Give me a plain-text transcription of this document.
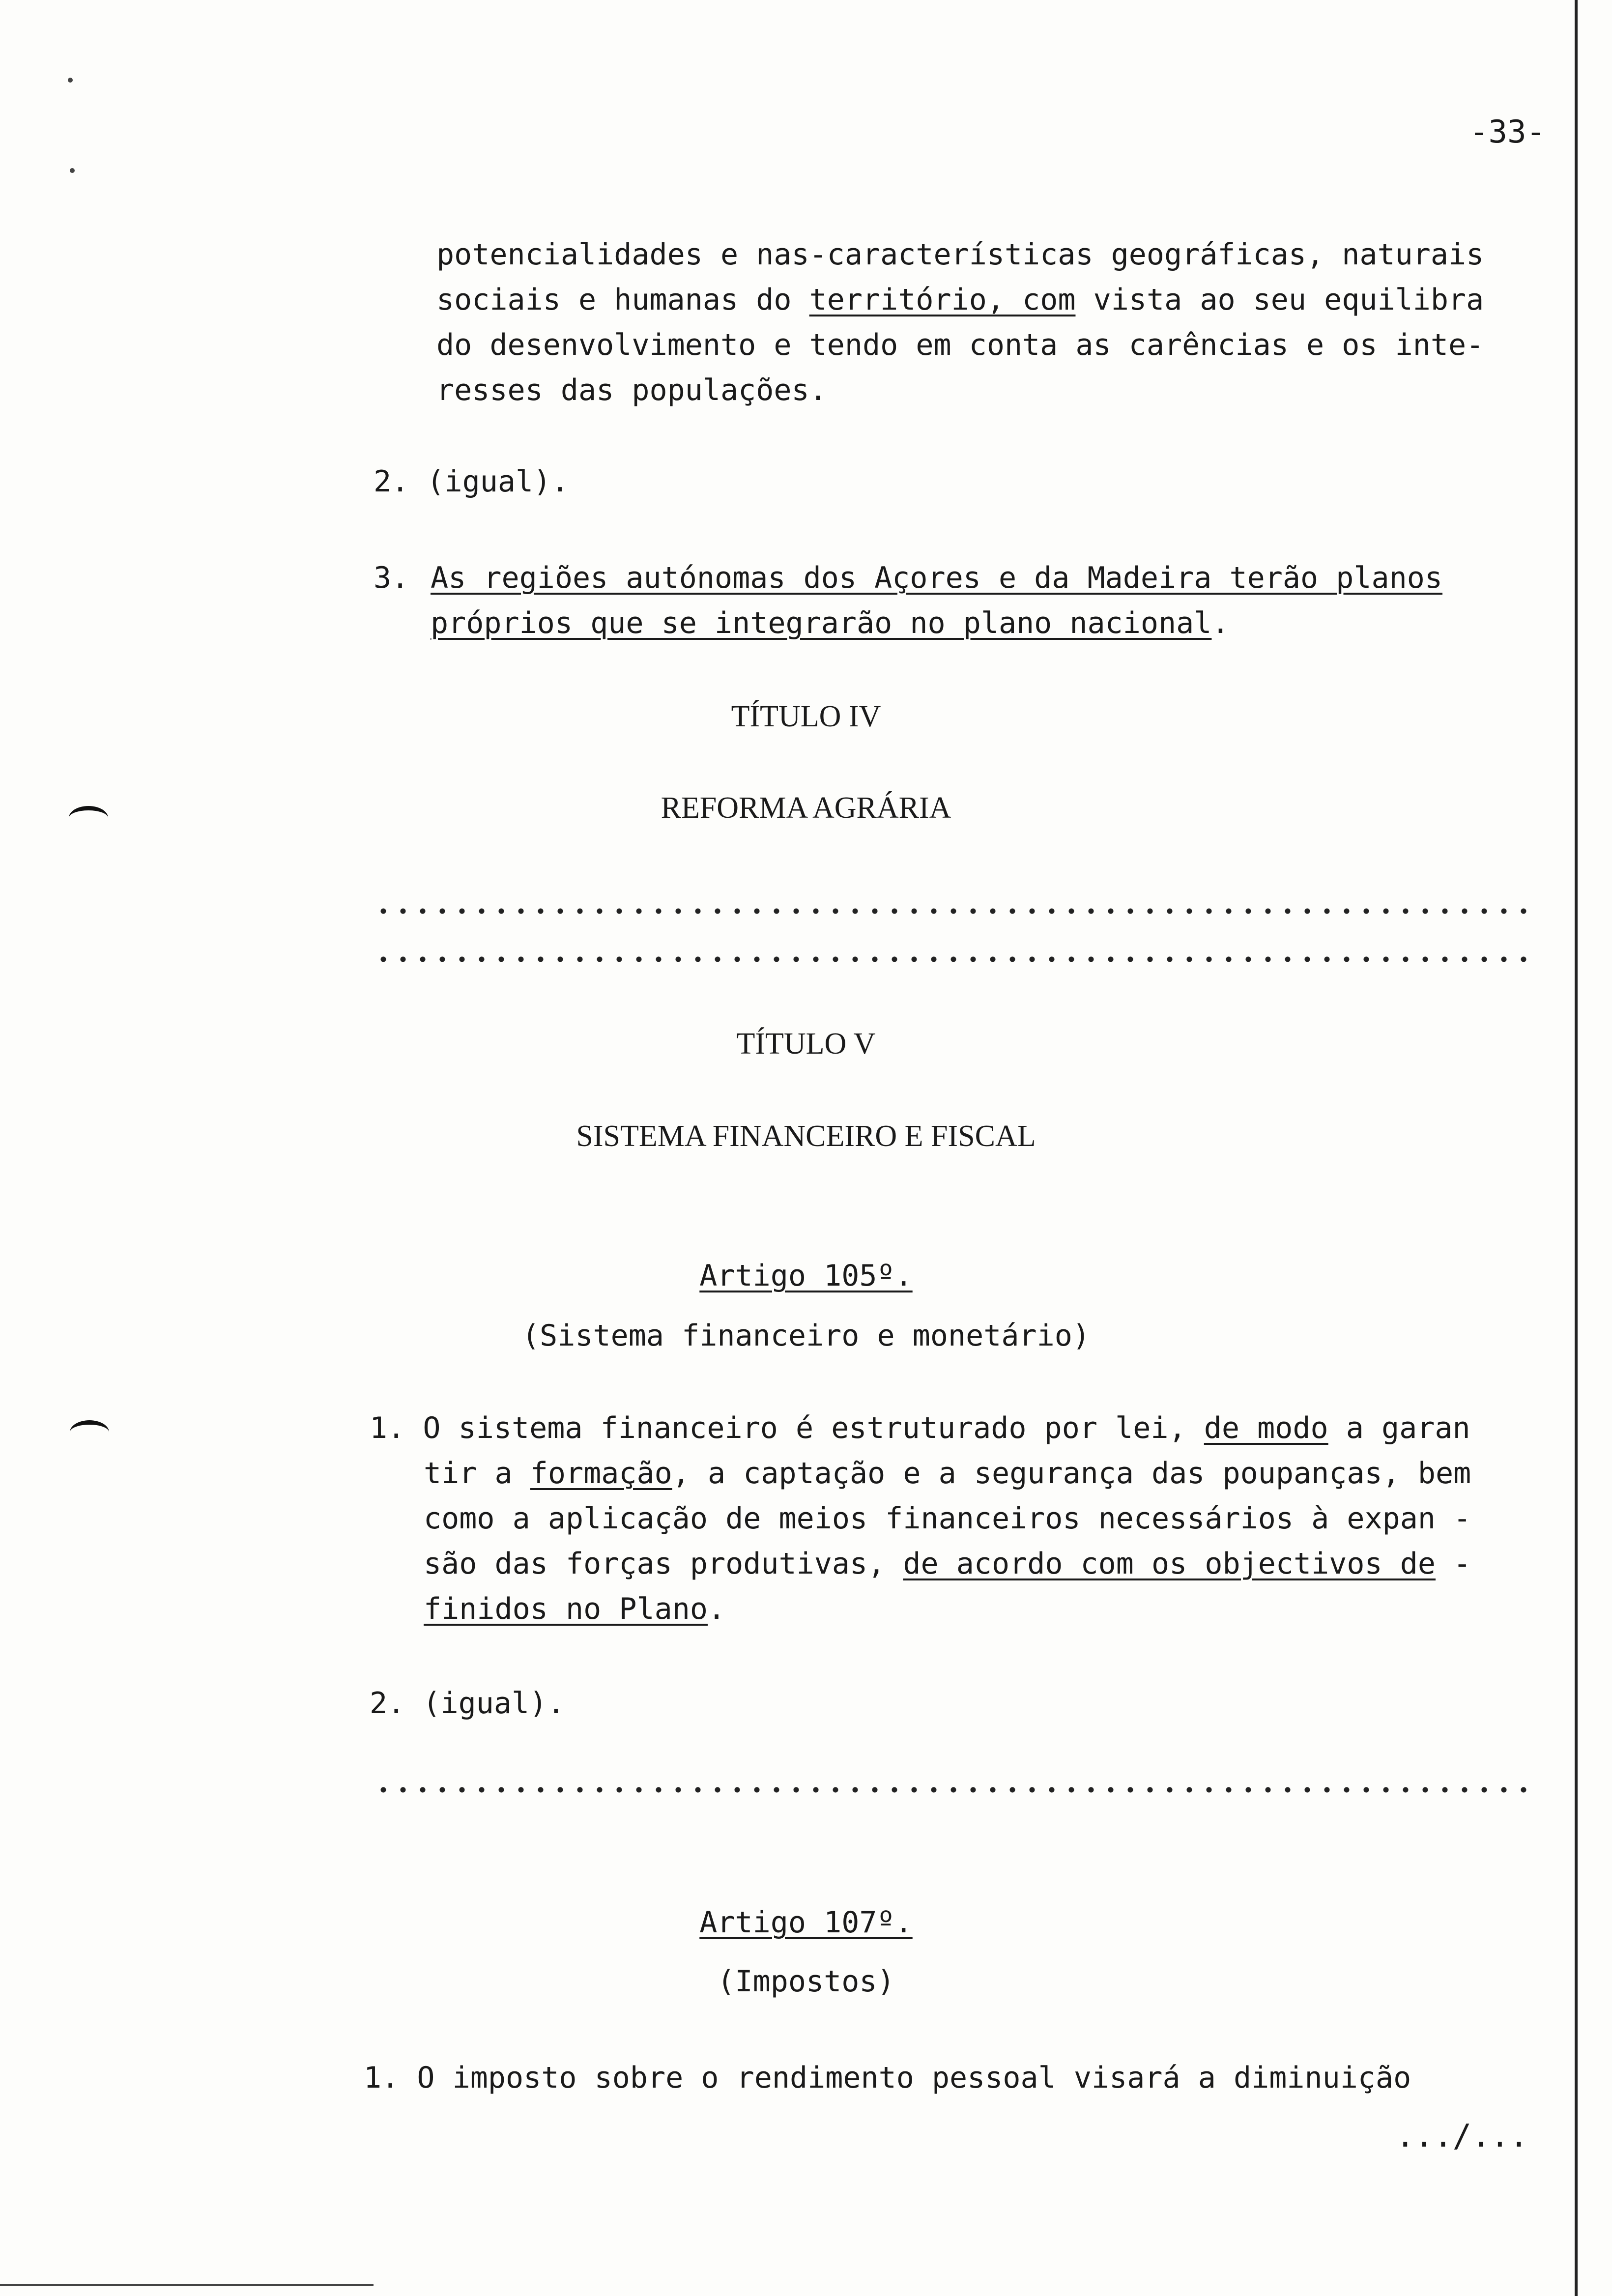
-33-
potencialidades e nas-características geográficas, naturais
sociais e humanas do território, com vista ao seu equilibra
do desenvolvimento e tendo em conta as carências e os inte-
resses das populações.
2. (igual).
3. As regiões autónomas dos Açores e da Madeira terão planos
próprios que se integrarão no plano nacional.
TÍTULO IV
REFORMA AGRÁRIA
TÍTULO V
SISTEMA FINANCEIRO E FISCAL
Artigo 105º.
(Sistema financeiro e monetário)
1. O sistema financeiro é estruturado por lei, de modo a garan
tir a formação, a captação e a segurança das poupanças, bem
como a aplicação de meios financeiros necessários à expan -
são das forças produtivas, de acordo com os objectivos de -
finidos no Plano.
2. (igual).
Artigo 107º.
(Impostos)
1. O imposto sobre o rendimento pessoal visará a diminuição
.../...
